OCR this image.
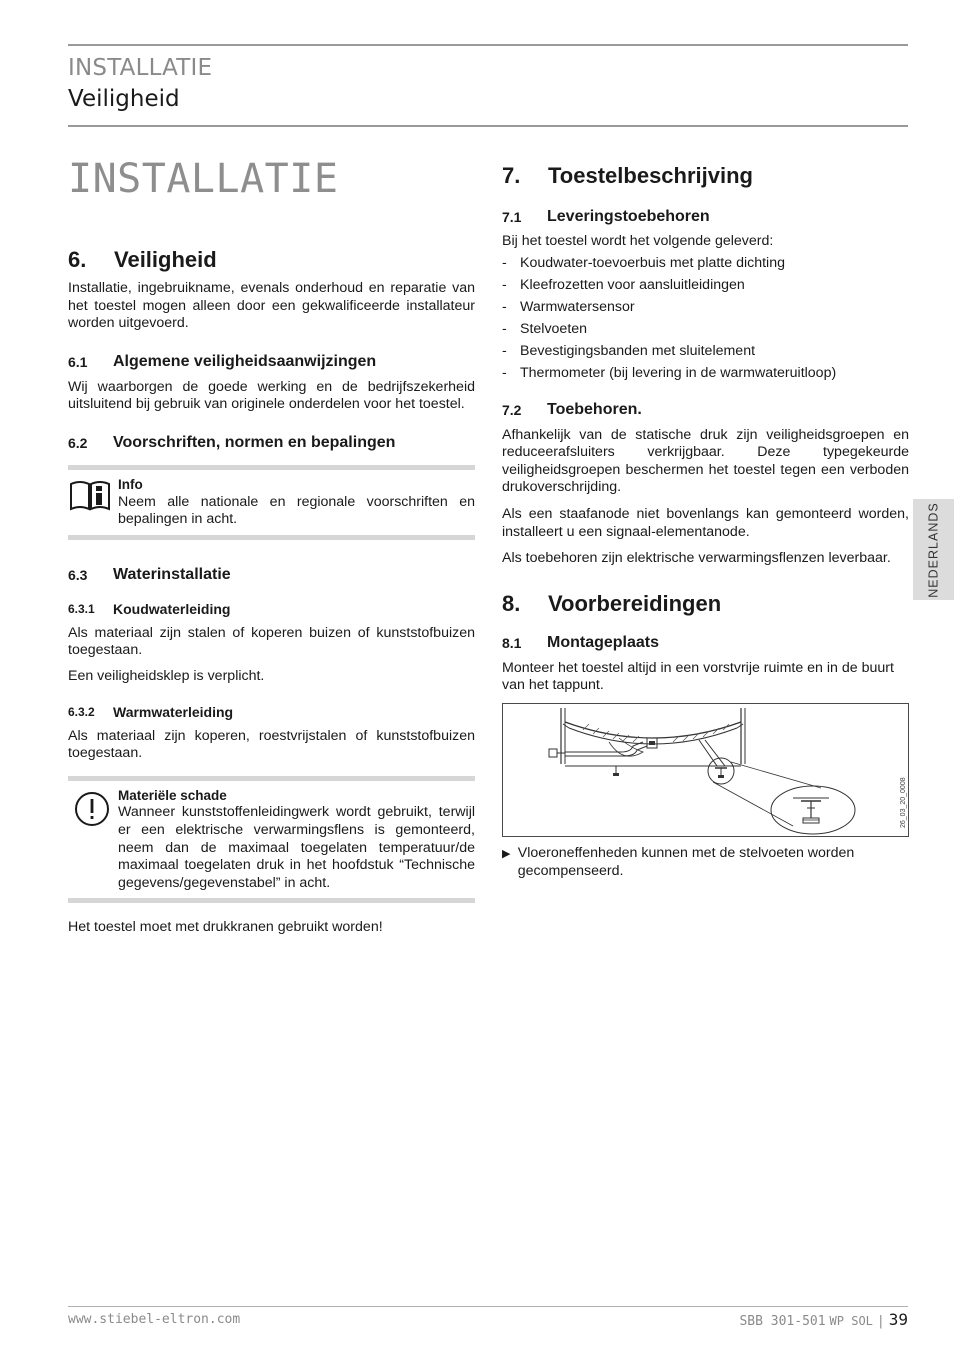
INSTALLATIE
Veiligheid
INSTALLATIE
6.	Veiligheid

Installatie, ingebruikname, evenals onderhoud en reparatie van het toestel mogen alleen door een gekwalificeerde installateur worden uitgevoerd.

6.1	Algemene veiligheidsaanwijzingen

Wij waarborgen de goede werking en de bedrijfszekerheid uitsluitend bij gebruik van originele onderdelen voor het toestel.

6.2	Voorschriften, normen en bepalingen
Info

Neem alle nationale en regionale voorschriften en bepalingen in acht.

6.3	Waterinstallatie
6.3.1	Koudwaterleiding

Als materiaal zijn stalen of koperen buizen of kunststofbuizen toegestaan.

Een veiligheidsklep is verplicht.

6.3.2	Warmwaterleiding

Als materiaal zijn koperen, roestvrijstalen of kunststofbuizen toegestaan.

Materiële schade

Wanneer kunststoffenleidingwerk wordt gebruikt, terwijl er een elektrische verwarmingsflens is gemonteerd, neem dan de maximaal toegelaten temperatuur/de maximaal toegelaten druk in het hoofdstuk “Technische gegevens/gegevenstabel” in acht.

Het toestel moet met drukkranen gebruikt worden!

7.	Toestelbeschrijving
7.1	Leveringstoebehoren

Bij het toestel wordt het volgende geleverd:

- Koudwater-toevoerbuis met platte dichting
- Kleefrozetten voor aansluitleidingen
- Warmwatersensor
- Stelvoeten
- Bevestigingsbanden met sluitelement
- Thermometer (bij levering in de warmwateruitloop)
7.2	Toebehoren.

Afhankelijk van de statische druk zijn veiligheidsgroepen en reduceerafsluiters verkrijgbaar. Deze typegekeurde veiligheidsgroepen beschermen het toestel tegen een verboden drukoverschrijding.

Als een staafanode niet bovenlangs kan gemonteerd worden, installeert u een signaal-elementanode.

Als toebehoren zijn elektrische verwarmingsflenzen leverbaar.

8.	Voorbereidingen
8.1	Montageplaats

Monteer het toestel altijd in een vorstvrije ruimte en in de buurt van het tappunt.

26_03_20_0008
▶ Vloeroneffenheden kunnen met de stelvoeten worden gecompenseerd.
NEDERLANDS
www.stiebel-eltron.com	SBB 301-501 WP SOL | 39
